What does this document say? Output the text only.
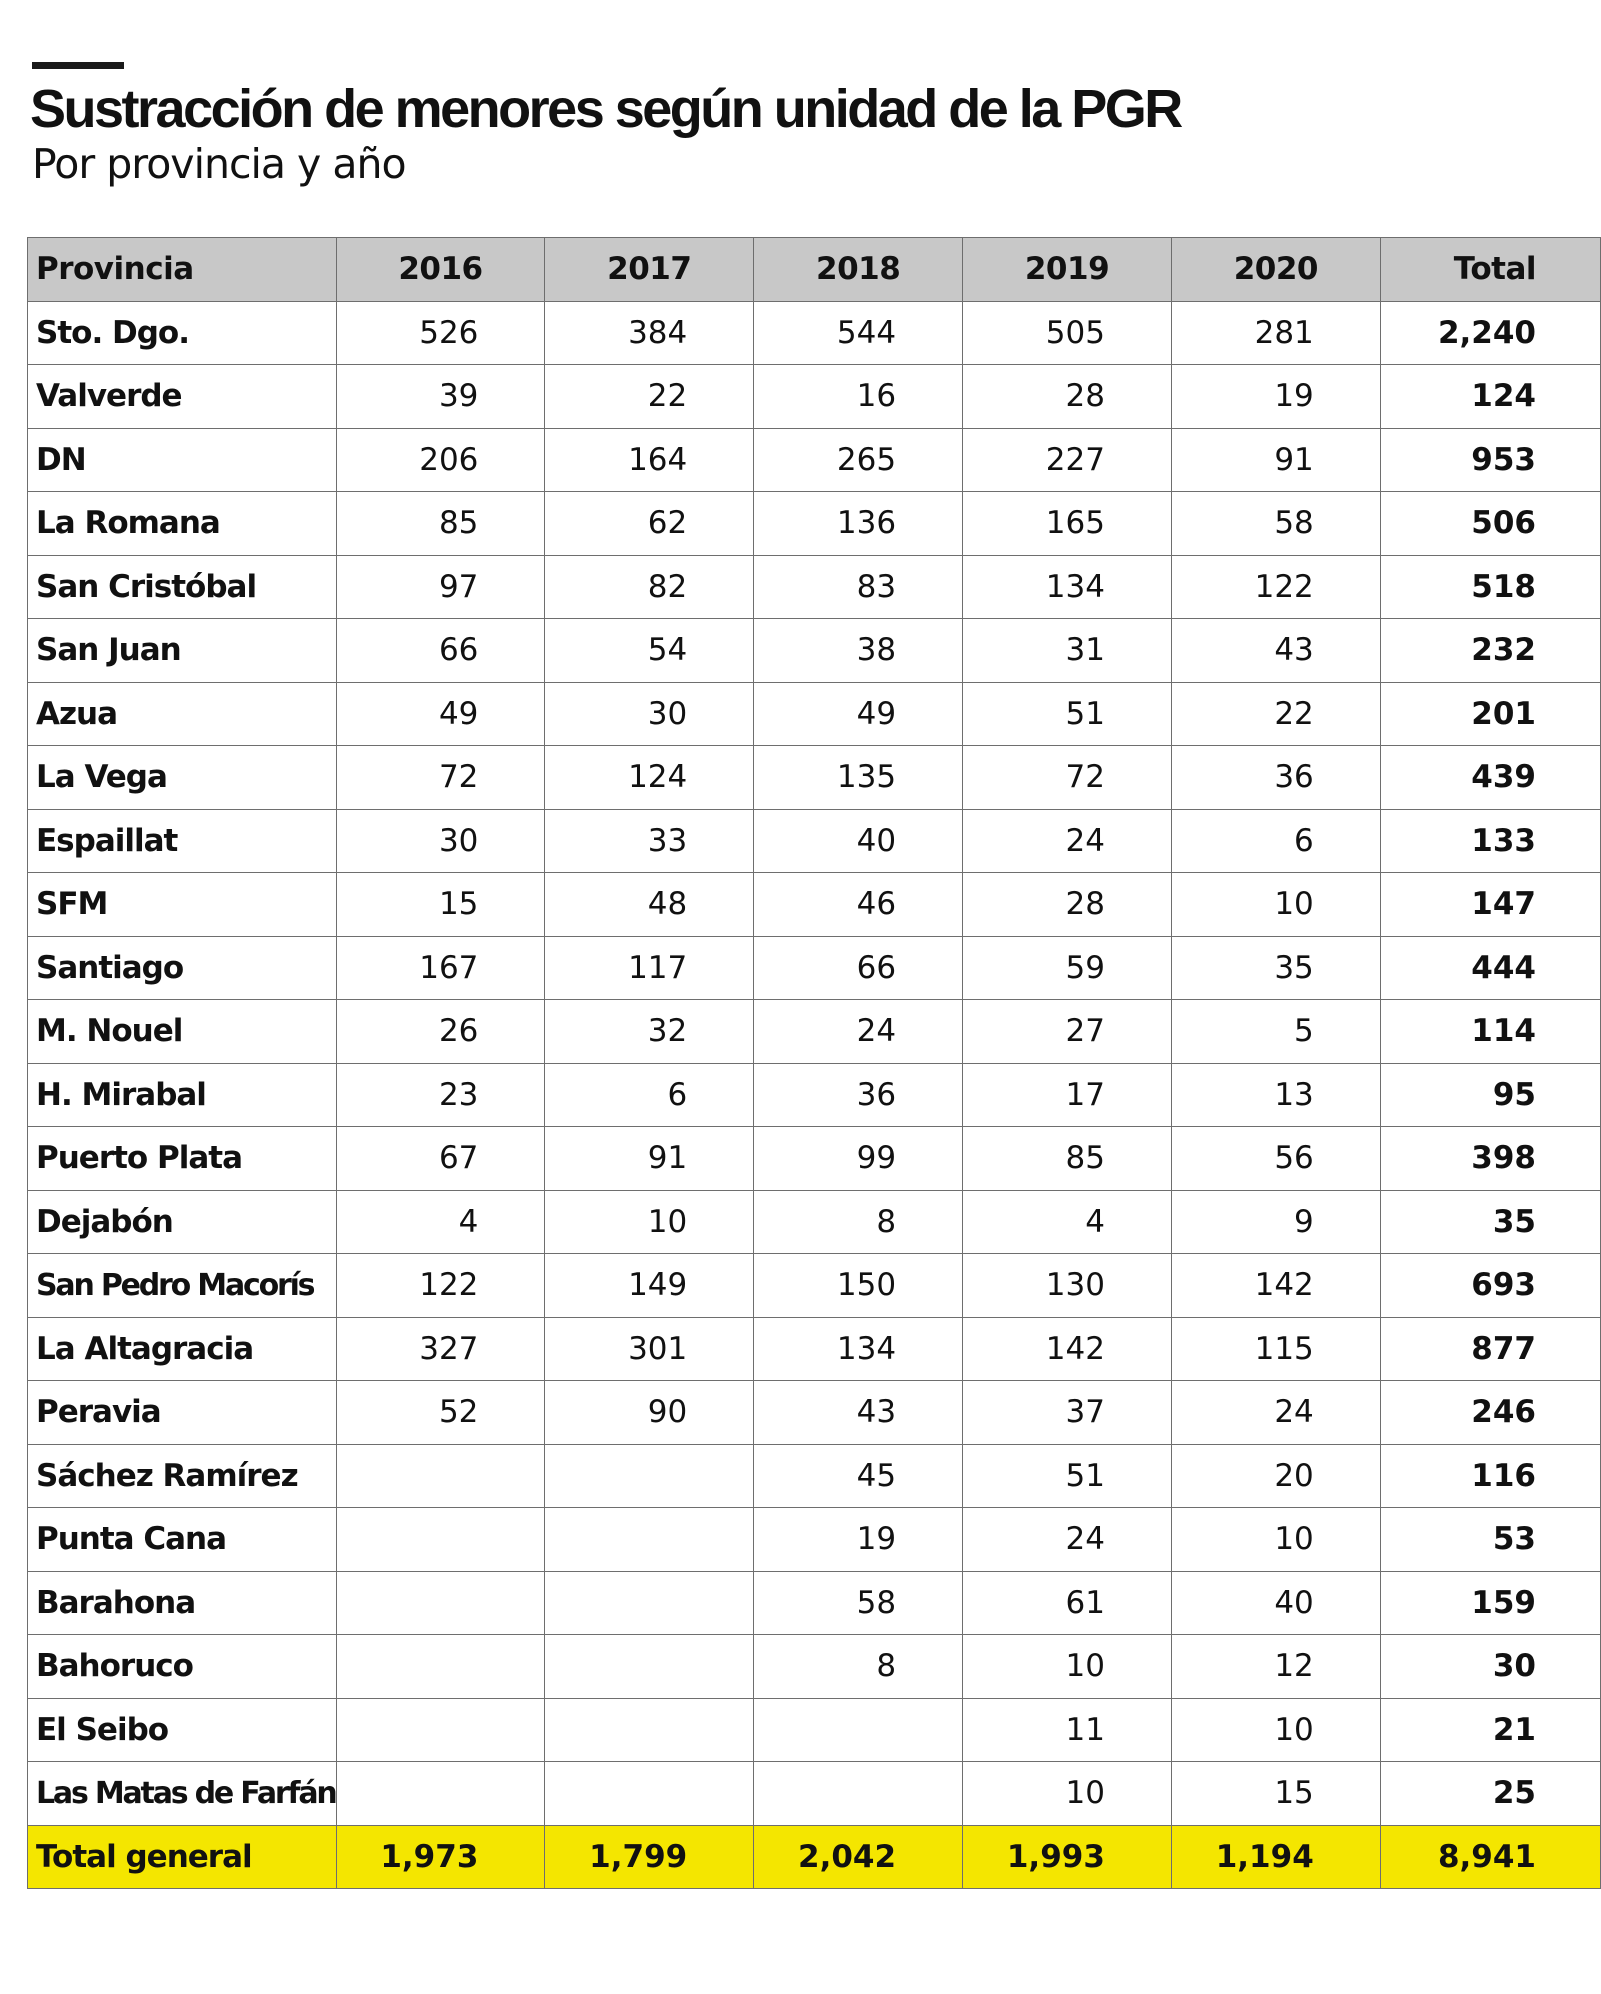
Sustracción de menores según unidad de la PGR
Por provincia y año
Provincia	2016	2017	2018	2019	2020	Total
Sto. Dgo.	526	384	544	505	281	2,240
Valverde	39	22	16	28	19	124
DN	206	164	265	227	91	953
La Romana	85	62	136	165	58	506
San Cristóbal	97	82	83	134	122	518
San Juan	66	54	38	31	43	232
Azua	49	30	49	51	22	201
La Vega	72	124	135	72	36	439
Espaillat	30	33	40	24	6	133
SFM	15	48	46	28	10	147
Santiago	167	117	66	59	35	444
M. Nouel	26	32	24	27	5	114
H. Mirabal	23	6	36	17	13	95
Puerto Plata	67	91	99	85	56	398
Dejabón	4	10	8	4	9	35
San Pedro Macorís	122	149	150	130	142	693
La Altagracia	327	301	134	142	115	877
Peravia	52	90	43	37	24	246
Sáchez Ramírez			45	51	20	116
Punta Cana			19	24	10	53
Barahona			58	61	40	159
Bahoruco			8	10	12	30
El Seibo				11	10	21
Las Matas de Farfán				10	15	25
Total general	1,973	1,799	2,042	1,993	1,194	8,941
